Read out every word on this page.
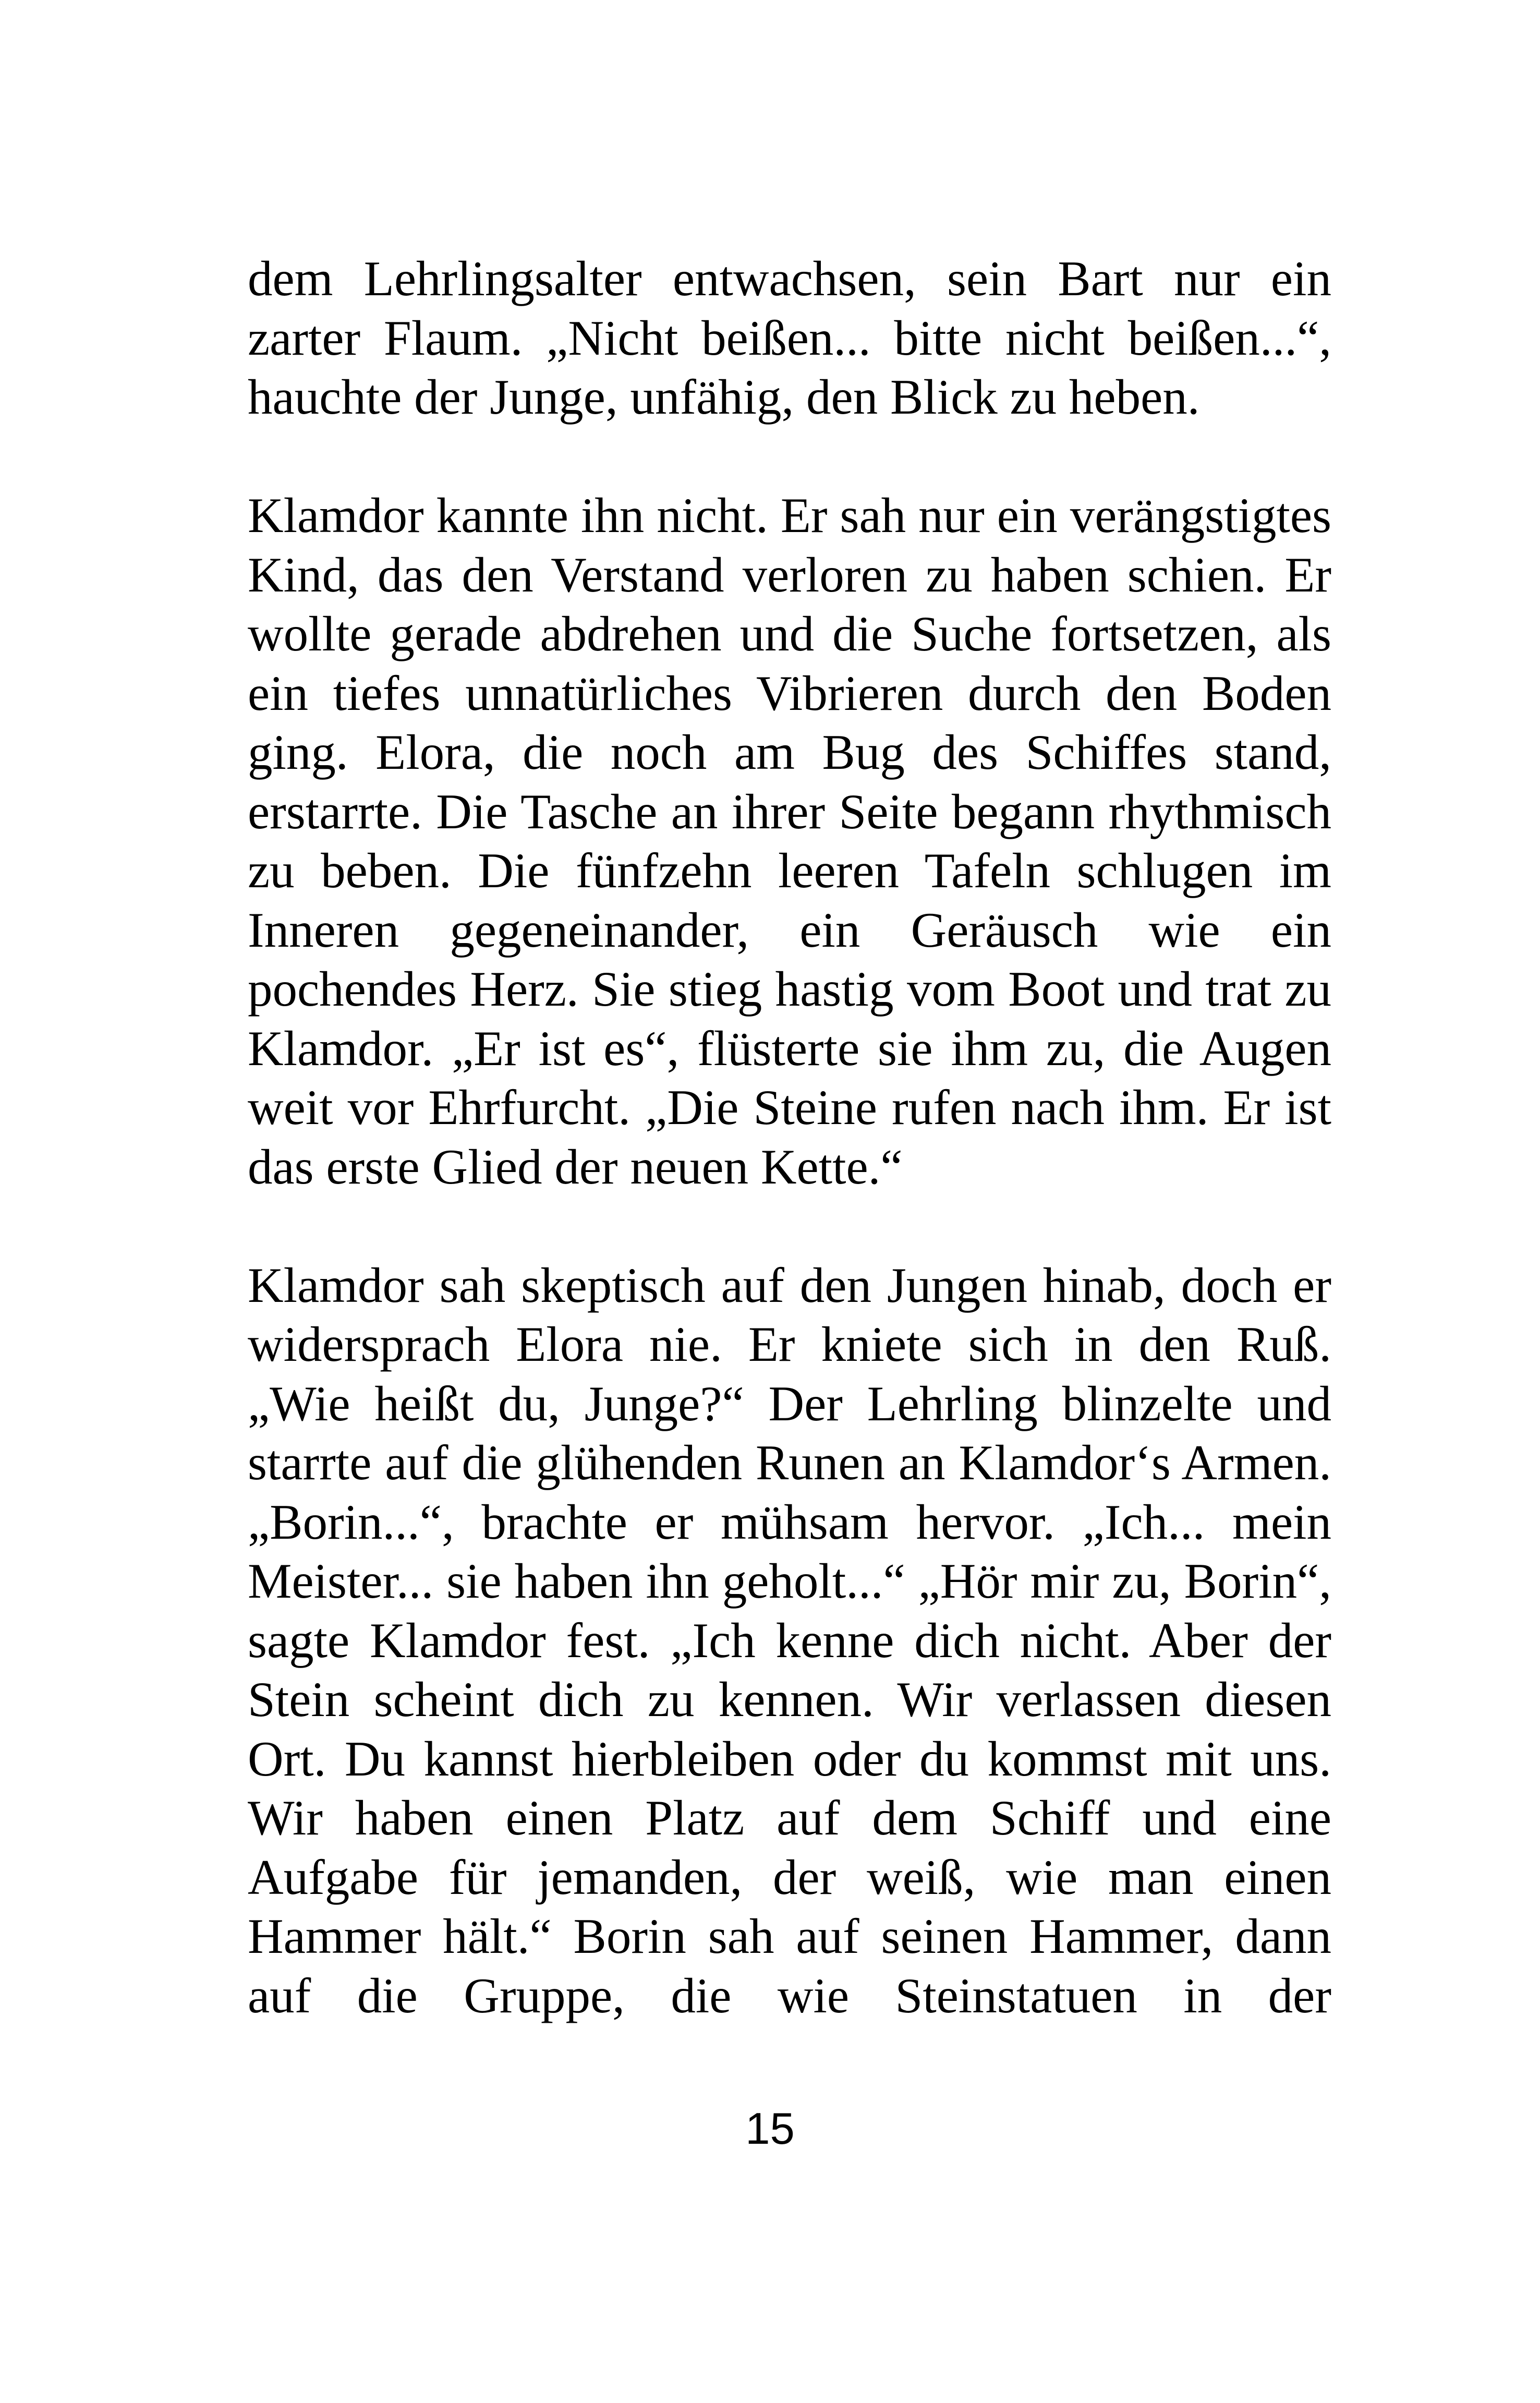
dem Lehrlingsalter entwachsen, sein Bart nur ein zarter Flaum. „Nicht beißen... bitte nicht beißen...“, hauchte der Junge, unfähig, den Blick zu heben.

Klamdor kannte ihn nicht. Er sah nur ein verängstigtes Kind, das den Verstand verloren zu haben schien. Er wollte gerade abdrehen und die Suche fortsetzen, als ein tiefes unnatürliches Vibrieren durch den Boden ging. Elora, die noch am Bug des Schiffes stand, erstarrte. Die Tasche an ihrer Seite begann rhythmisch zu beben. Die fünfzehn leeren Tafeln schlugen im Inneren gegeneinander, ein Geräusch wie ein pochendes Herz. Sie stieg hastig vom Boot und trat zu Klamdor. „Er ist es“, flüsterte sie ihm zu, die Augen weit vor Ehrfurcht. „Die Steine rufen nach ihm. Er ist das erste Glied der neuen Kette.“

Klamdor sah skeptisch auf den Jungen hinab, doch er widersprach Elora nie. Er kniete sich in den Ruß. „Wie heißt du, Junge?“ Der Lehrling blinzelte und starrte auf die glühenden Runen an Klamdor‘s Armen. „Borin...“, brachte er mühsam hervor. „Ich... mein Meister... sie haben ihn geholt...“ „Hör mir zu, Borin“, sagte Klamdor fest. „Ich kenne dich nicht. Aber der Stein scheint dich zu kennen. Wir verlassen diesen Ort. Du kannst hierbleiben oder du kommst mit uns. Wir haben einen Platz auf dem Schiff und eine Aufgabe für jemanden, der weiß, wie man einen Hammer hält.“ Borin sah auf seinen Hammer, dann auf die Gruppe, die wie Steinstatuen in der

15
